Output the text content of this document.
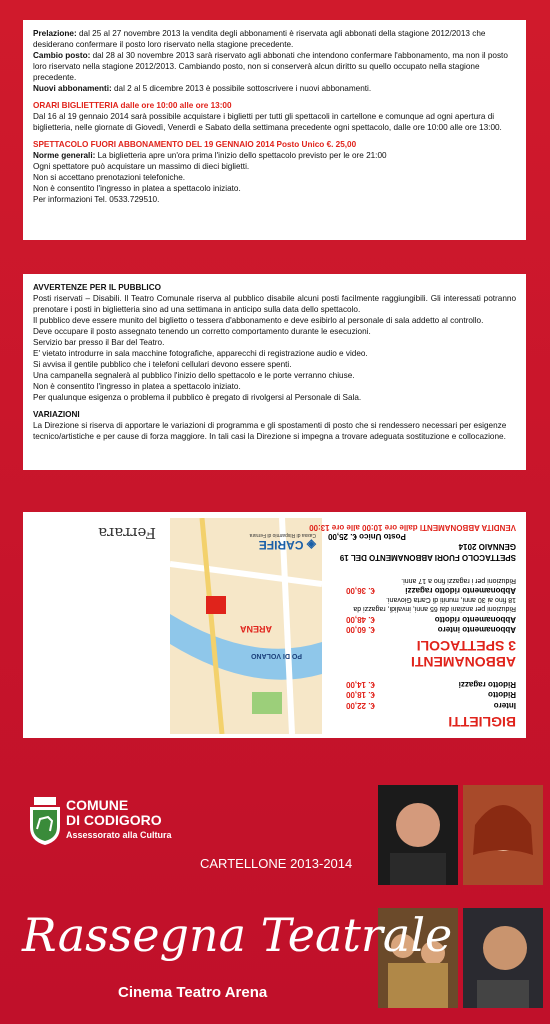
Prelazione: dal 25 al 27 novembre 2013 la vendita degli abbonamenti è riservata agli abbonati della stagione 2012/2013 che desiderano confermare il posto loro riservato nella stagione precedente.

Cambio posto: dal 28 al 30 novembre 2013 sarà riservato agli abbonati che intendono confermare l'abbonamento, ma non il posto loro riservato nella stagione 2012/2013. Cambiando posto, non si conserverà alcun diritto su quello occupato nella stagione precedente.

Nuovi abbonamenti: dal 2 al 5 dicembre 2013 è possibile sottoscrivere i nuovi abbonamenti.

ORARI BIGLIETTERIA dalle ore 10:00 alle ore 13:00

Dal 16 al 19 gennaio 2014 sarà possibile acquistare i biglietti per tutti gli spettacoli in cartellone e comunque ad ogni apertura di biglietteria, nelle giornate di Giovedì, Venerdì e Sabato della settimana precedente ogni spettacolo, dalle ore 10:00 alle ore 13:00.

SPETTACOLO FUORI ABBONAMENTO DEL 19 GENNAIO 2014 Posto Unico €. 25,00

Norme generali: La biglietteria apre un'ora prima l'inizio dello spettacolo previsto per le ore 21:00

Ogni spettatore può acquistare un massimo di dieci biglietti.

Non si accettano prenotazioni telefoniche.

Non è consentito l'ingresso in platea a spettacolo iniziato.

Per informazioni Tel. 0533.729510.

AVVERTENZE PER IL PUBBLICO

Posti riservati – Disabili. Il Teatro Comunale riserva al pubblico disabile alcuni posti facilmente raggiungibili. Gli interessati potranno prenotare i posti in biglietteria sino ad una settimana in anticipo sulla data dello spettacolo.

Il pubblico deve essere munito del biglietto o tessera d'abbonamento e deve esibirlo al personale di sala addetto al controllo.

Deve occupare il posto assegnato tenendo un corretto comportamento durante le esecuzioni.

Servizio bar presso il Bar del Teatro.

E' vietato introdurre in sala macchine fotografiche, apparecchi di registrazione audio e video.

Si avvisa il gentile pubblico che i telefoni cellulari devono essere spenti.

Una campanella segnalerà al pubblico l'inizio dello spettacolo e le porte verranno chiuse.

Non è consentito l'ingresso in platea a spettacolo iniziato.

Per qualunque esigenza o problema il pubblico è pregato di rivolgersi al Personale di Sala.

VARIAZIONI

La Direzione si riserva di apportare le variazioni di programma e gli spostamenti di posto che si rendessero necessari per esigenze tecnico/artistiche e per cause di forza maggiore. In tali casi la Direzione si impegna a trovare adeguata sostituzione e collocazione.

BIGLIETTI
Intero
€. 22,00
Ridotto
€. 18,00
Ridotto ragazzi
€. 14,00
ABBONAMENTI
3 SPETTACOLI
Abbonamento intero
€. 60,00
Abbonamento ridotto
€. 48,00
Riduzioni per anziani dai 65 anni, invalidi, ragazzi da 18 fino ai 30 anni, muniti di Carta Giovani.
Abbonamento ridotto ragazzi
€. 36,00
Riduzioni per i ragazzi fino a 17 anni.
ARENA
PO DI VOLANO
SPETTACOLO FUORI ABBONAMENTO DEL 19 GENNAIO 2014
Posto Unico €. 25,00
VENDITA ABBONAMENTI dalle ore 10:00 alle ore 13:00
◈ CARIFE
Cassa di Risparmio di Ferrara
Ferrara
COMUNE
DI CODIGORO
Assessorato alla Cultura
CARTELLONE 2013-2014
Rassegna Teatrale
Cinema Teatro Arena
